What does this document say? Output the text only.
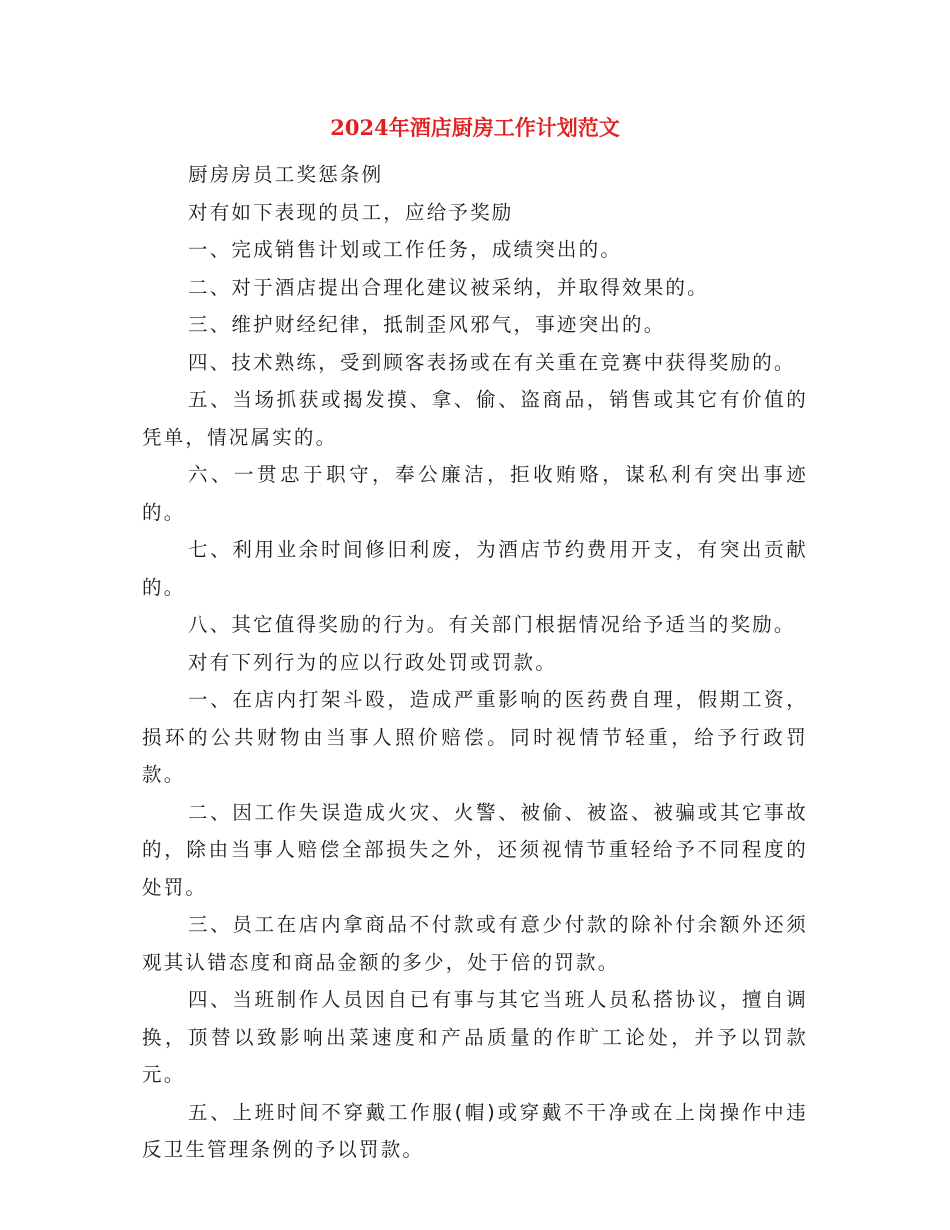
2024年酒店厨房工作计划范文

厨房房员工奖惩条例

对有如下表现的员工，应给予奖励

一、完成销售计划或工作任务，成绩突出的。

二、对于酒店提出合理化建议被采纳，并取得效果的。

三、维护财经纪律，抵制歪风邪气，事迹突出的。

四、技术熟练，受到顾客表扬或在有关重在竞赛中获得奖励的。

五、当场抓获或揭发摸、拿、偷、盗商品，销售或其它有价值的凭单，情况属实的。

六、一贯忠于职守，奉公廉洁，拒收贿赂，谋私利有突出事迹的。

七、利用业余时间修旧利废，为酒店节约费用开支，有突出贡献的。

八、其它值得奖励的行为。有关部门根据情况给予适当的奖励。

对有下列行为的应以行政处罚或罚款。

一、在店内打架斗殴，造成严重影响的医药费自理，假期工资，损环的公共财物由当事人照价赔偿。同时视情节轻重，给予行政罚款。

二、因工作失误造成火灾、火警、被偷、被盗、被骗或其它事故的，除由当事人赔偿全部损失之外，还须视情节重轻给予不同程度的处罚。

三、员工在店内拿商品不付款或有意少付款的除补付余额外还须观其认错态度和商品金额的多少，处于倍的罚款。

四、当班制作人员因自已有事与其它当班人员私搭协议，擅自调换，顶替以致影响出菜速度和产品质量的作旷工论处，并予以罚款元。

五、上班时间不穿戴工作服(帽)或穿戴不干净或在上岗操作中违反卫生管理条例的予以罚款。
